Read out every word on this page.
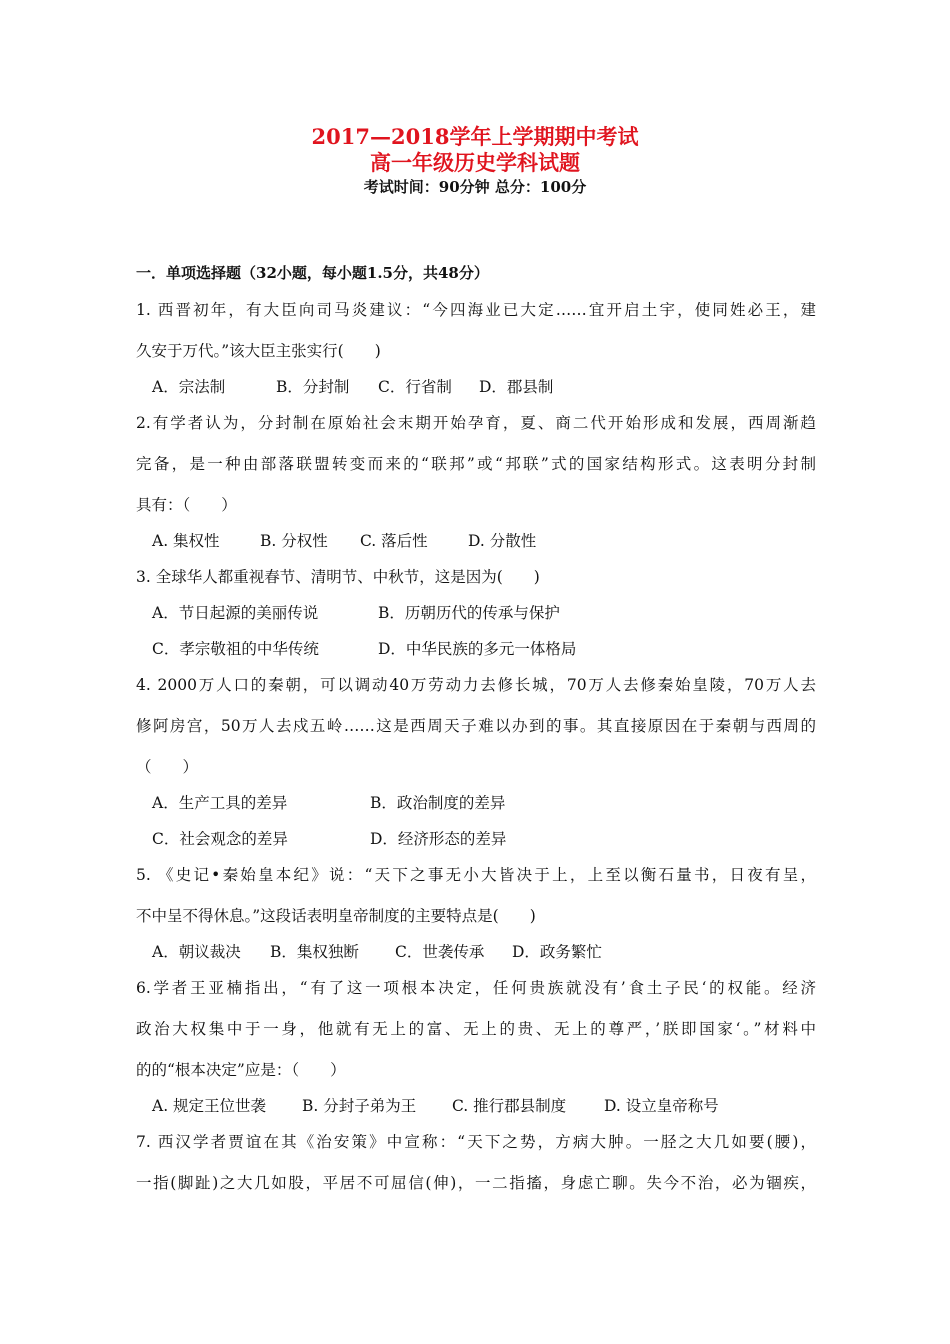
2017—2018学年上学期期中考试
高一年级历史学科试题
考试时间：90分钟 总分：100分
一．单项选择题（32小题，每小题1.5分，共48分）
1. 西晋初年，有大臣向司马炎建议：“今四海业已大定……宜开启土宇，使同姓必王，建
久安于万代。”该大臣主张实行(　　)
A．宗法制	B．分封制 C．行省制 D．郡县制
2.有学者认为，分封制在原始社会末期开始孕育，夏、商二代开始形成和发展，西周渐趋
完备，是一种由部落联盟转变而来的“联邦”或“邦联”式的国家结构形式。这表明分封制
具有：（　　）
A. 集权性	B. 分权性 C. 落后性	D. 分散性
3. 全球华人都重视春节、清明节、中秋节，这是因为(　　)
A．节日起源的美丽传说	B．历朝历代的传承与保护
C．孝宗敬祖的中华传统	D．中华民族的多元一体格局
4. 2000万人口的秦朝，可以调动40万劳动力去修长城，70万人去修秦始皇陵，70万人去
修阿房宫，50万人去戍五岭……这是西周天子难以办到的事。其直接原因在于秦朝与西周的
（　　）
A．生产工具的差异	B．政治制度的差异
C．社会观念的差异	D．经济形态的差异
5. 《史记•秦始皇本纪》说：“天下之事无小大皆决于上，上至以衡石量书，日夜有呈，
不中呈不得休息。”这段话表明皇帝制度的主要特点是(　　)
A．朝议裁决 B．集权独断 C．世袭传承 D．政务繁忙
6.学者王亚楠指出，“有了这一项根本决定，任何贵族就没有’食土子民‘的权能。经济
政治大权集中于一身，他就有无上的富、无上的贵、无上的尊严，’朕即国家‘。”材料中
的的“根本决定”应是：（　　）
A. 规定王位世袭 B. 分封子弟为王 C. 推行郡县制度 D. 设立皇帝称号
7. 西汉学者贾谊在其《治安策》中宣称：“天下之势，方病大肿。一胫之大几如要(腰)，
一指(脚趾)之大几如股，平居不可屈信(伸)，一二指搐，身虑亡聊。失今不治，必为锢疾，
